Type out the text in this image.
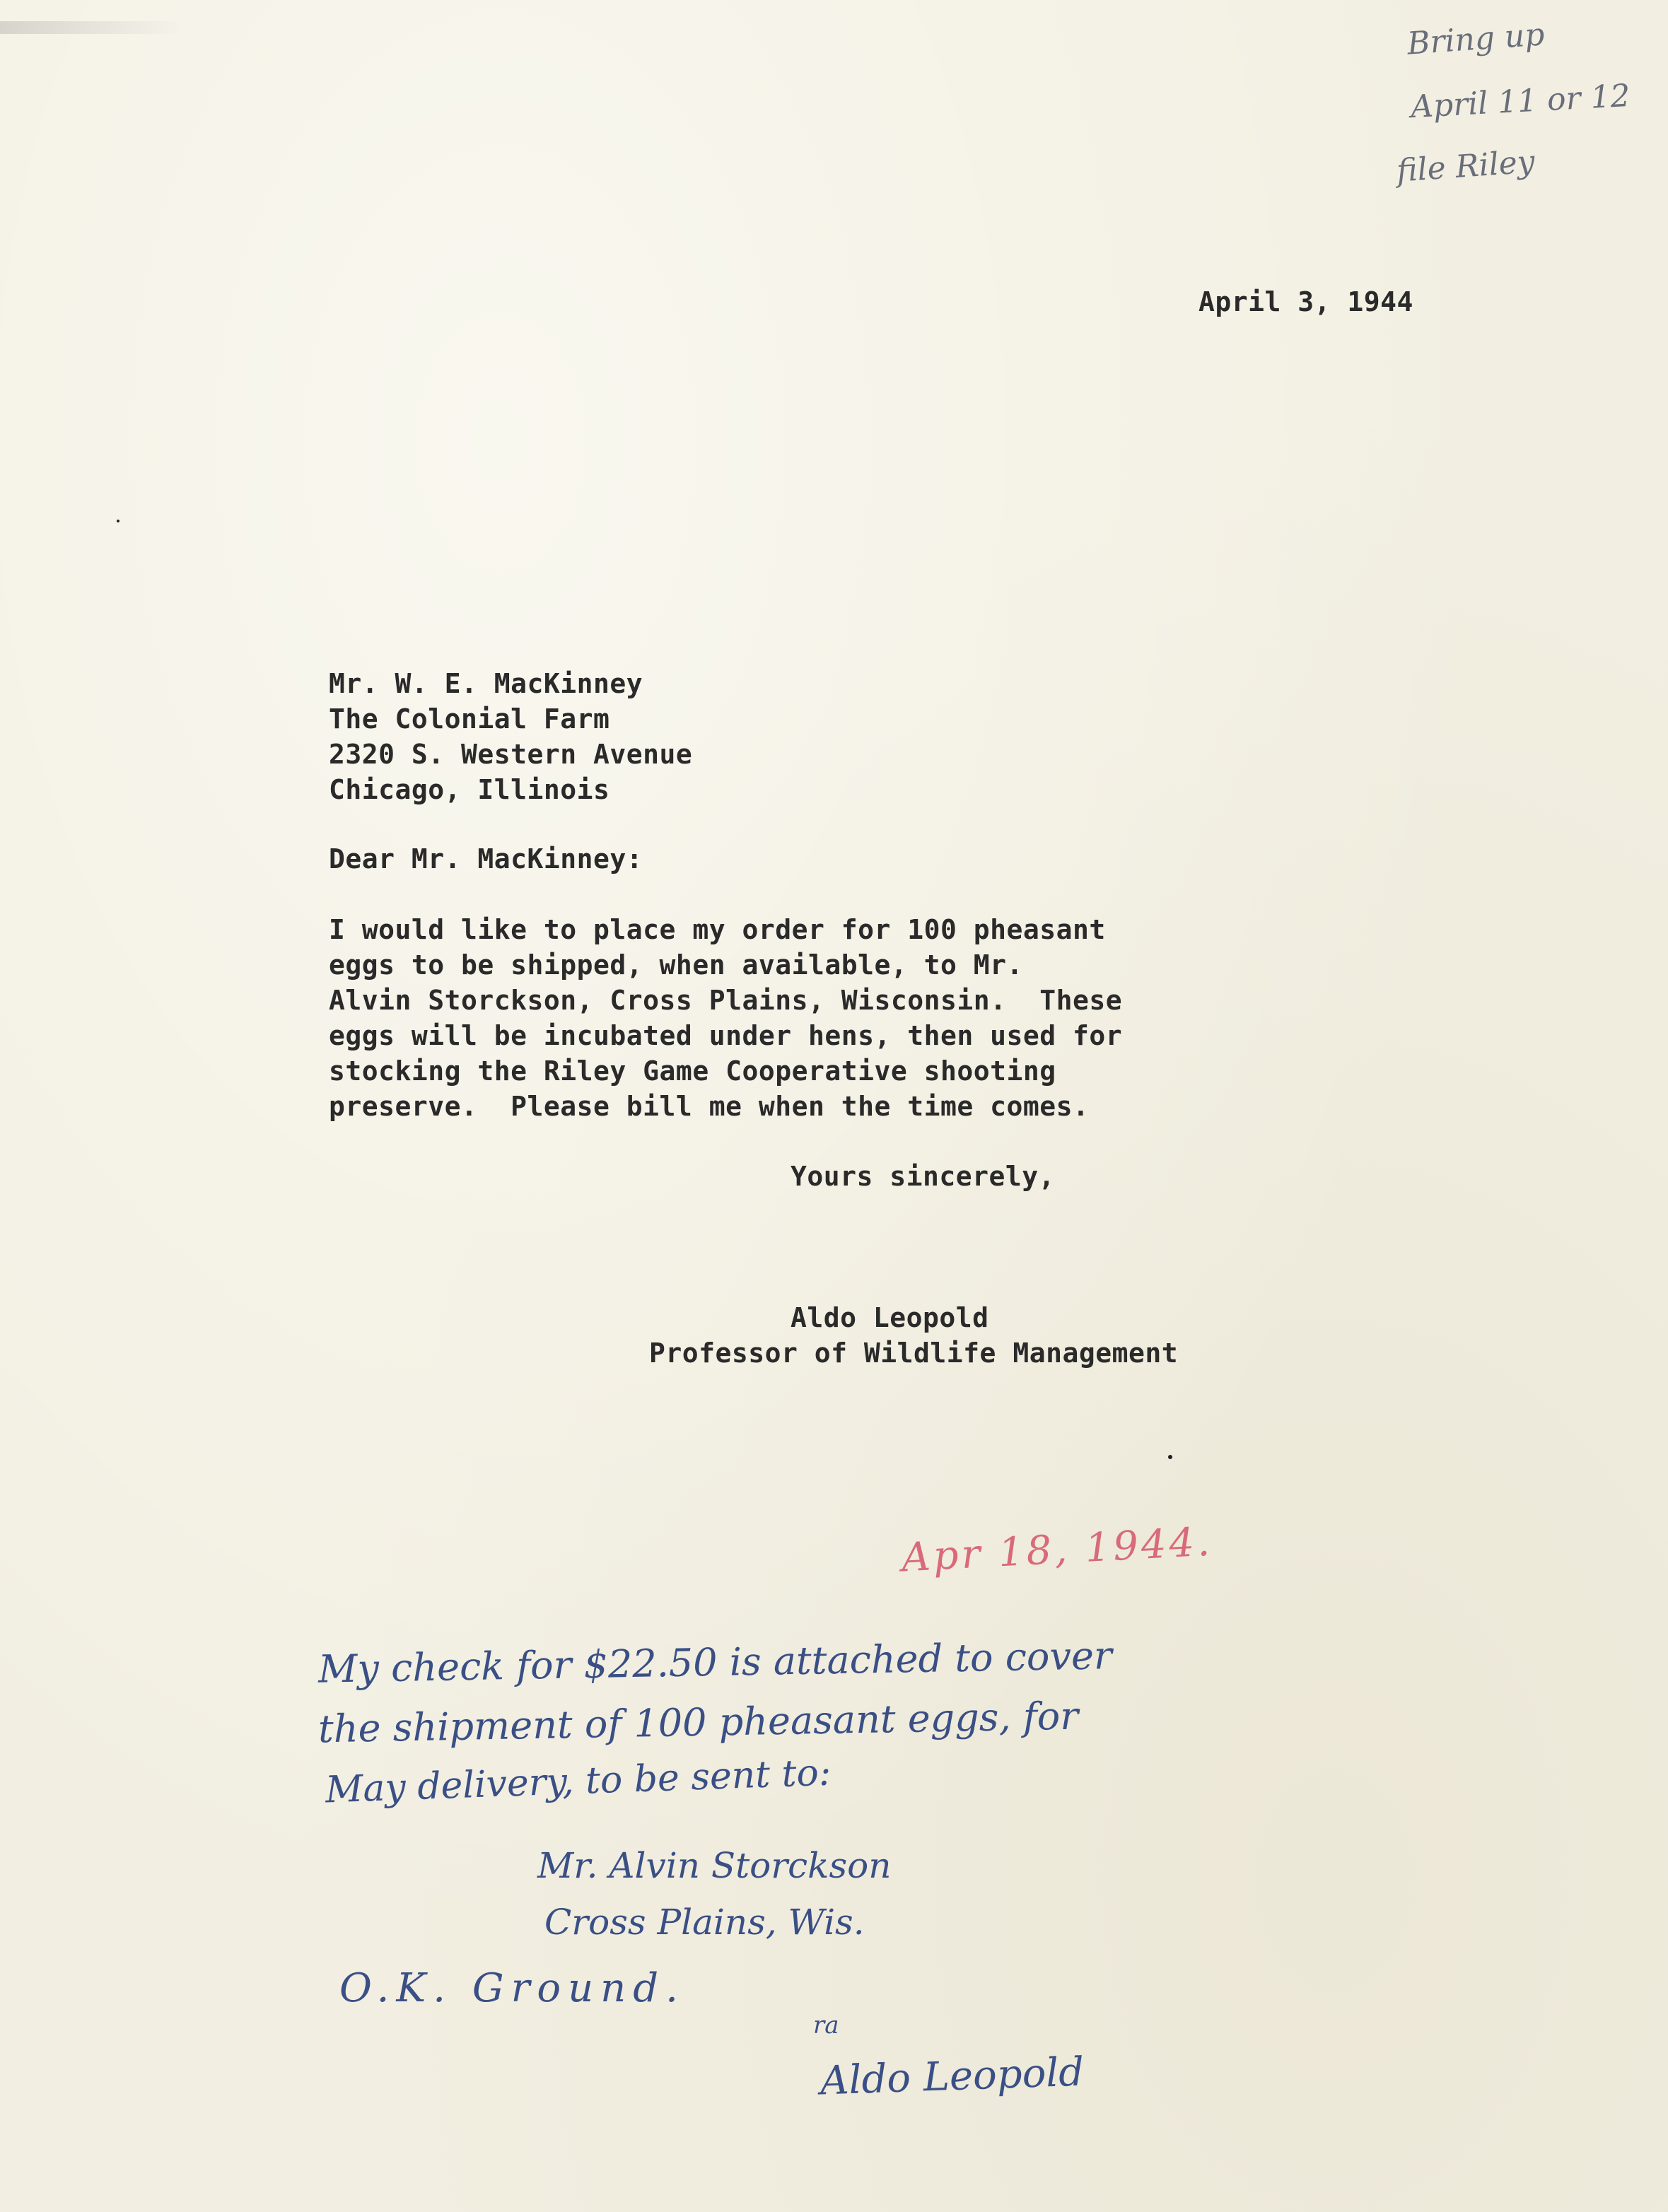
Bring up
April 11 or 12
file Riley
April 3, 1944
Mr. W. E. MacKinney
The Colonial Farm
2320 S. Western Avenue
Chicago, Illinois
Dear Mr. MacKinney:
I would like to place my order for 100 pheasant
eggs to be shipped, when available, to Mr.
Alvin Storckson, Cross Plains, Wisconsin.  These
eggs will be incubated under hens, then used for
stocking the Riley Game Cooperative shooting
preserve.  Please bill me when the time comes.
Yours sincerely,
Aldo Leopold
Professor of Wildlife Management
Apr 18, 1944.
My check for $22.50 is attached to cover
the shipment of 100 pheasant eggs, for
May delivery, to be sent to:
Mr. Alvin Storckson
Cross Plains, Wis.
O.K. Ground.
ra
Aldo Leopold
